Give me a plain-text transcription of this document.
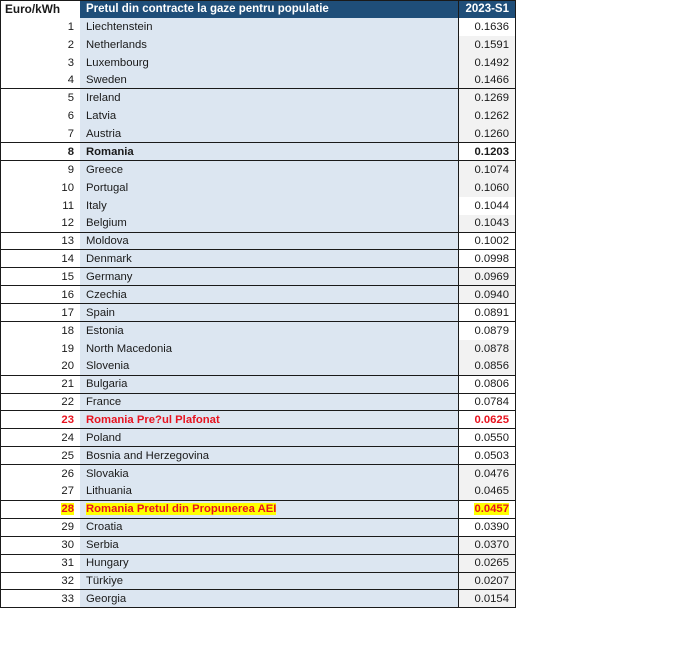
Euro/kWh	Pretul din contracte la gaze pentru populatie	2023-S1
1 Liechtenstein	0.1636
2 Netherlands	0.1591
3 Luxembourg	0.1492
4 Sweden	0.1466
5 Ireland	0.1269
6 Latvia	0.1262
7 Austria	0.1260
8 Romania	0.1203
9 Greece	0.1074
10 Portugal	0.1060
11 Italy	0.1044
12 Belgium	0.1043
13 Moldova	0.1002
14 Denmark	0.0998
15 Germany	0.0969
16 Czechia	0.0940
17 Spain	0.0891
18 Estonia	0.0879
19 North Macedonia	0.0878
20 Slovenia	0.0856
21 Bulgaria	0.0806
22 France	0.0784
23 Romania Pre?ul Plafonat	0.0625
24 Poland	0.0550
25 Bosnia and Herzegovina	0.0503
26 Slovakia	0.0476
27 Lithuania	0.0465
28 Romania Pretul din Propunerea AEI	0.0457
29 Croatia	0.0390
30 Serbia	0.0370
31 Hungary	0.0265
32 Türkiye	0.0207
33 Georgia	0.0154
